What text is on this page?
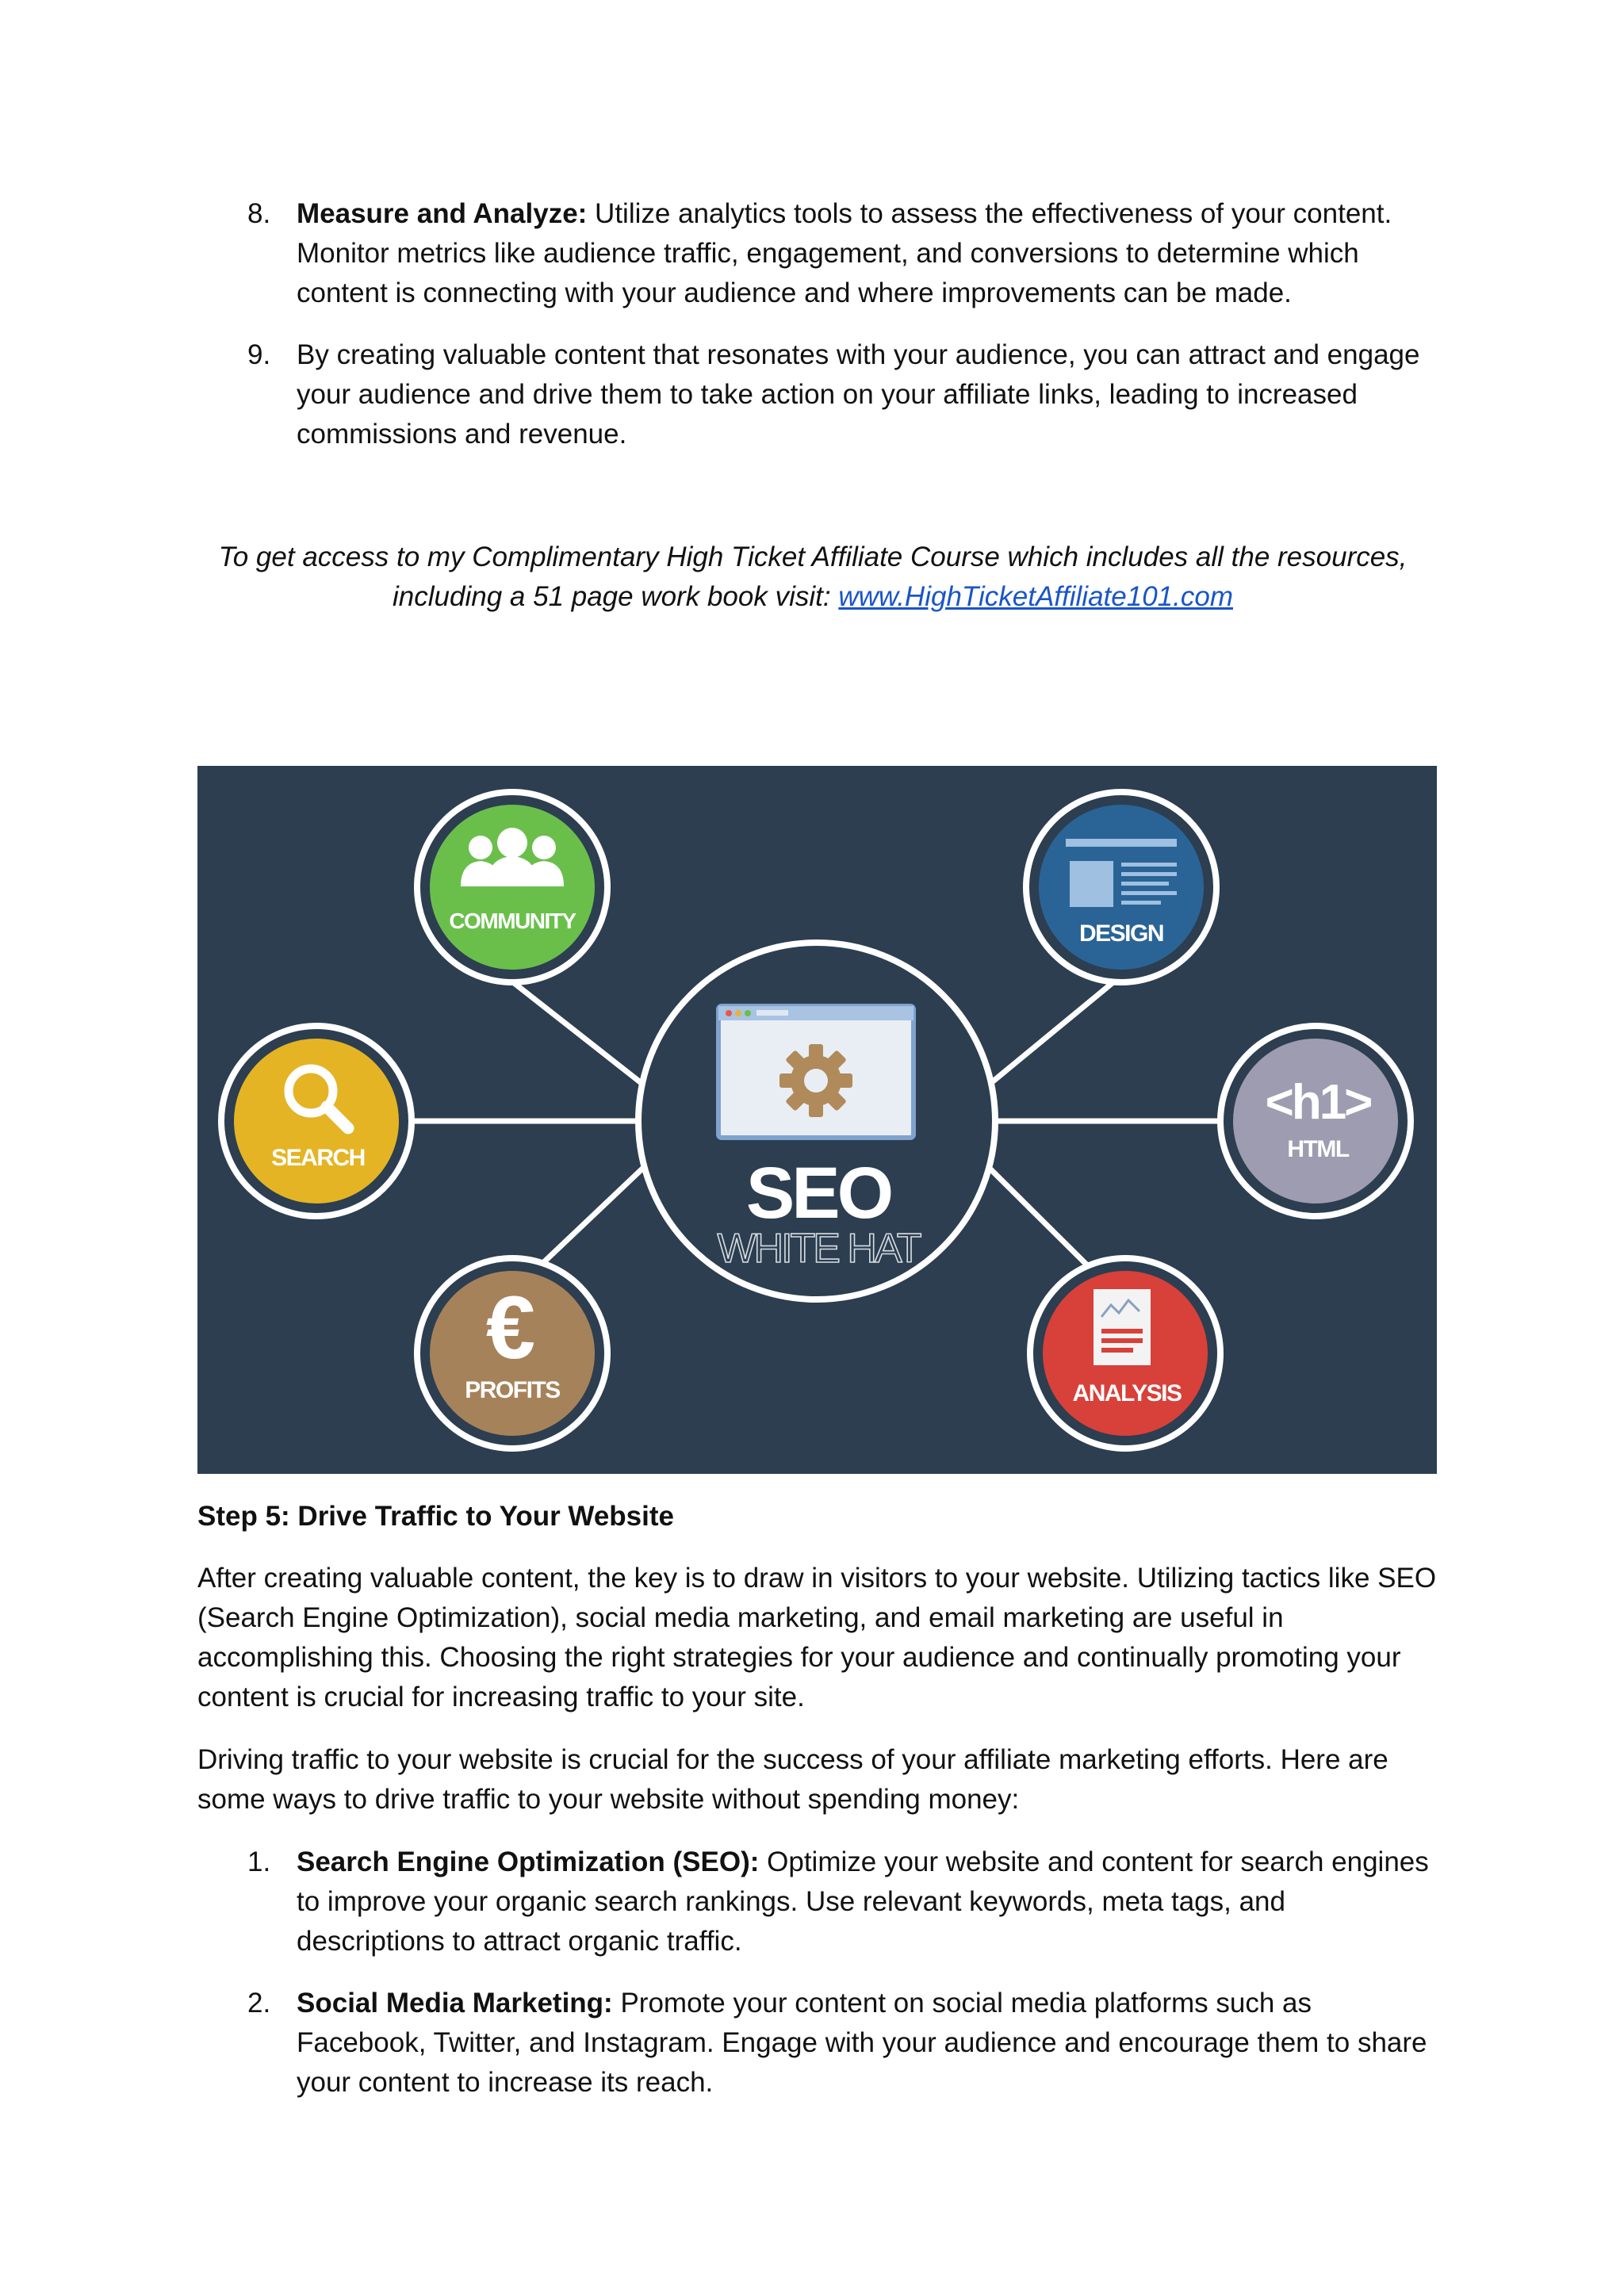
8. Measure and Analyze: Utilize analytics tools to assess the effectiveness of your content. Monitor metrics like audience traffic, engagement, and conversions to determine which content is connecting with your audience and where improvements can be made.
9. By creating valuable content that resonates with your audience, you can attract and engage your audience and drive them to take action on your affiliate links, leading to increased commissions and revenue.
To get access to my Complimentary High Ticket Affiliate Course which includes all the resources, including a 51 page work book visit: www.HighTicketAffiliate101.com
SEO
WHITE HAT
COMMUNITY	DESIGN
SEARCH
<h1>
HTML
€
PROFITS	ANALYSIS
Step 5: Drive Traffic to Your Website

After creating valuable content, the key is to draw in visitors to your website. Utilizing tactics like SEO (Search Engine Optimization), social media marketing, and email marketing are useful in accomplishing this. Choosing the right strategies for your audience and continually promoting your content is crucial for increasing traffic to your site.

Driving traffic to your website is crucial for the success of your affiliate marketing efforts. Here are some ways to drive traffic to your website without spending money:

1. Search Engine Optimization (SEO): Optimize your website and content for search engines to improve your organic search rankings. Use relevant keywords, meta tags, and descriptions to attract organic traffic.
2. Social Media Marketing: Promote your content on social media platforms such as Facebook, Twitter, and Instagram. Engage with your audience and encourage them to share your content to increase its reach.
